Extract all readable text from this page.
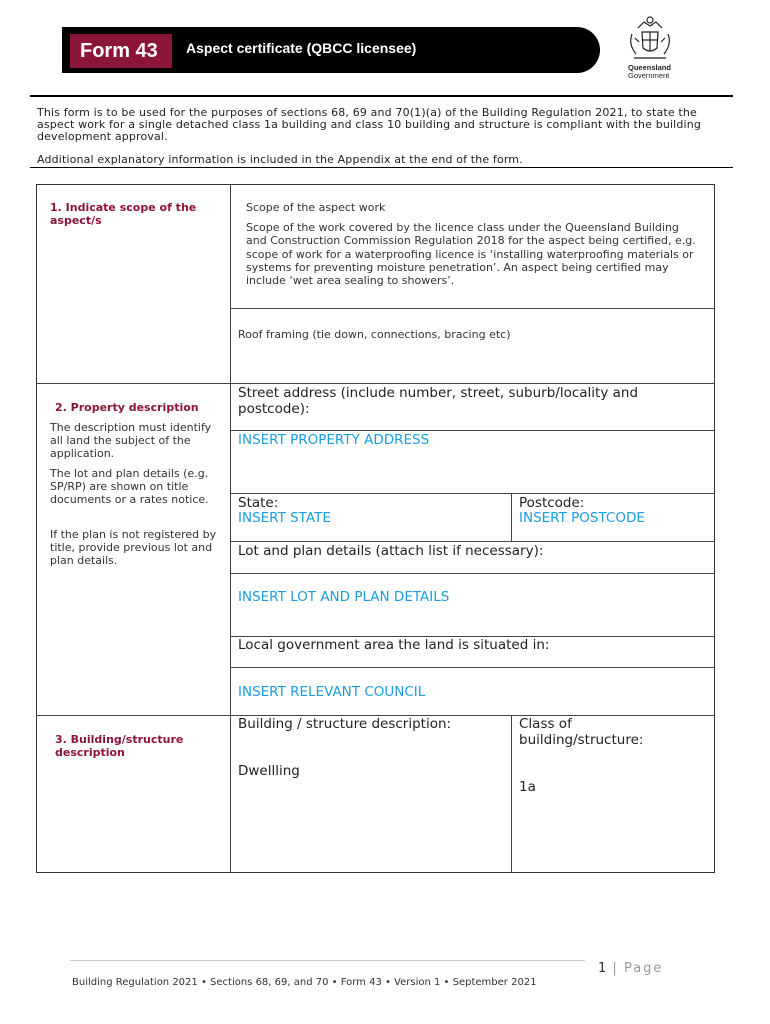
Form 43	Aspect certificate (QBCC licensee)
Queensland
Government
This form is to be used for the purposes of sections 68, 69 and 70(1)(a) of the Building Regulation 2021, to state the aspect work for a single detached class 1a building and class 10 building and structure is compliant with the building development approval.
Additional explanatory information is included in the Appendix at the end of the form.
1. Indicate scope of the aspect/s
Scope of the aspect work
Scope of the work covered by the licence class under the Queensland Building and Construction Commission Regulation 2018 for the aspect being certified, e.g. scope of work for a waterproofing licence is ‘installing waterproofing materials or systems for preventing moisture penetration’. An aspect being certified may include ‘wet area sealing to showers’.
Roof framing (tie down, connections, bracing etc)
2. Property description
The description must identify all land the subject of the application.
The lot and plan details (e.g. SP/RP) are shown on title documents or a rates notice.
If the plan is not registered by title, provide previous lot and plan details.
Street address (include number, street, suburb/locality and postcode):
INSERT PROPERTY ADDRESS
State:
INSERT STATE
Postcode:
INSERT POSTCODE
Lot and plan details (attach list if necessary):
INSERT LOT AND PLAN DETAILS
Local government area the land is situated in:
INSERT RELEVANT COUNCIL
3. Building/structure description
Building / structure description:
Dwellling
Class of building/structure:
1a
1 | Page
Building Regulation 2021 • Sections 68, 69, and 70 • Form 43 • Version 1 • September 2021
